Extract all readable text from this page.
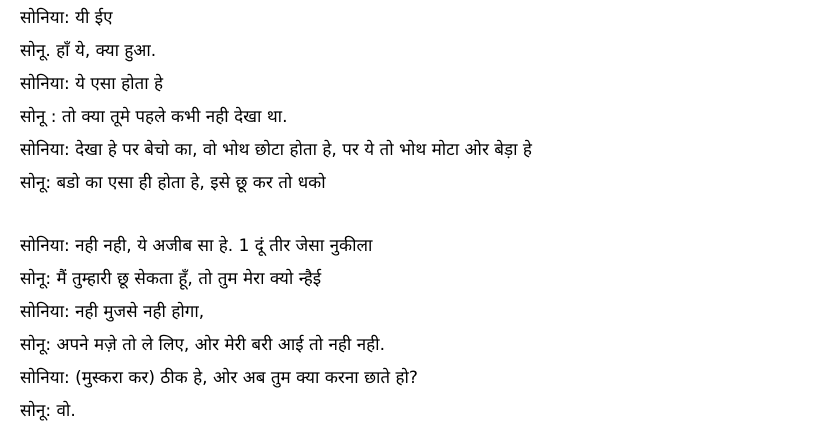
सोनिया: यी ईए
सोनू. हाँ ये, क्या हुआ.
सोनिया: ये एसा होता हे
सोनू : तो क्या तूमे पहले कभी नही देखा था.
सोनिया: देखा हे पर बेचो का, वो भोथ छोटा होता हे, पर ये तो भोथ मोटा ओर बेड़ा हे
सोनू: बडो का एसा ही होता हे, इसे छू कर तो धको
सोनिया: नही नही, ये अजीब सा हे. 1 दूं तीर जेसा नुकीला
सोनू: मैं तुम्हारी छू सेकता हूँ, तो तुम मेरा क्यो न्हैई
सोनिया: नही मुजसे नही होगा,
सोनू: अपने मज़े तो ले लिए, ओर मेरी बरी आई तो नही नही.
सोनिया: (मुस्करा कर) ठीक हे, ओर अब तुम क्या करना छाते हो?
सोनू: वो.
